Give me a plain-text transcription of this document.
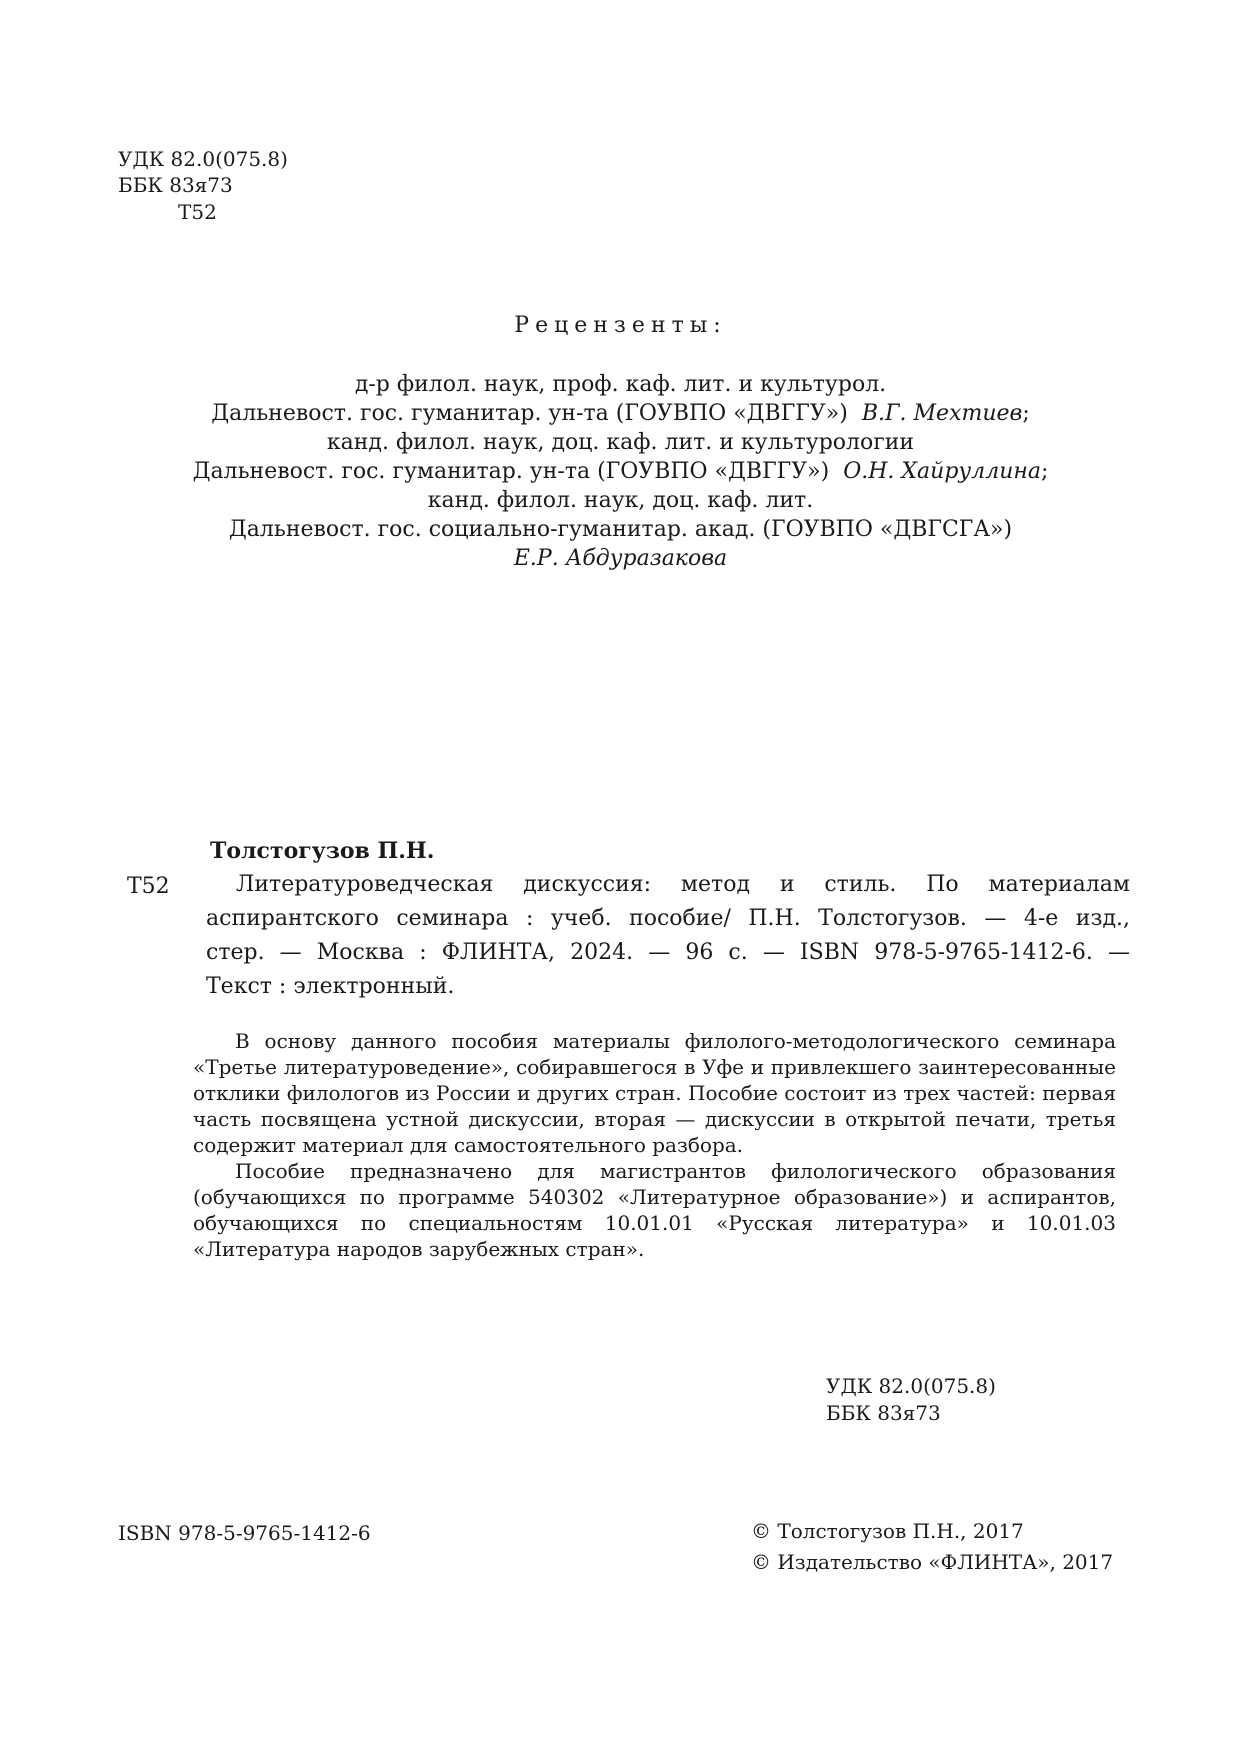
УДК 82.0(075.8)

ББК 83я73

Т52

Рецензенты:

д-р филол. наук, проф. каф. лит. и культурол.

Дальневост. гос. гуманитар. ун-та (ГОУВПО «ДВГГУ») В.Г. Мехтиев;

канд. филол. наук, доц. каф. лит. и культурологии

Дальневост. гос. гуманитар. ун-та (ГОУВПО «ДВГГУ») О.Н. Хайруллина;

канд. филол. наук, доц. каф. лит.

Дальневост. гос. социально-гуманитар. акад. (ГОУВПО «ДВГСГА»)

Е.Р. Абдуразакова

Толстогузов П.Н.

Т52	Литературоведческая дискуссия: метод и стиль. По материалам

аспирантского семинара : учеб. пособие/ П.Н. Толстогузов. — 4-е изд.,

стер. — Москва : ФЛИНТА, 2024. — 96 с. — ISBN 978-5-9765-1412-6. —

Текст : электронный.

В основу данного пособия материалы филолого-методологического семинара «Третье литературоведение», собиравшегося в Уфе и привлекшего заинтересованные отклики филологов из России и других стран. Пособие состоит из трех частей: первая часть посвящена устной дискуссии, вторая — дискуссии в открытой печати, третья содержит материал для самостоятельного разбора.

Пособие предназначено для магистрантов филологического образования (обучающихся по программе 540302 «Литературное образование») и аспирантов, обучающихся по специальностям 10.01.01 «Русская литература» и 10.01.03 «Литература народов зарубежных стран».

УДК 82.0(075.8)

ББК 83я73

ISBN 978-5-9765-1412-6	© Толстогузов П.Н., 2017

© Издательство «ФЛИНТА», 2017
